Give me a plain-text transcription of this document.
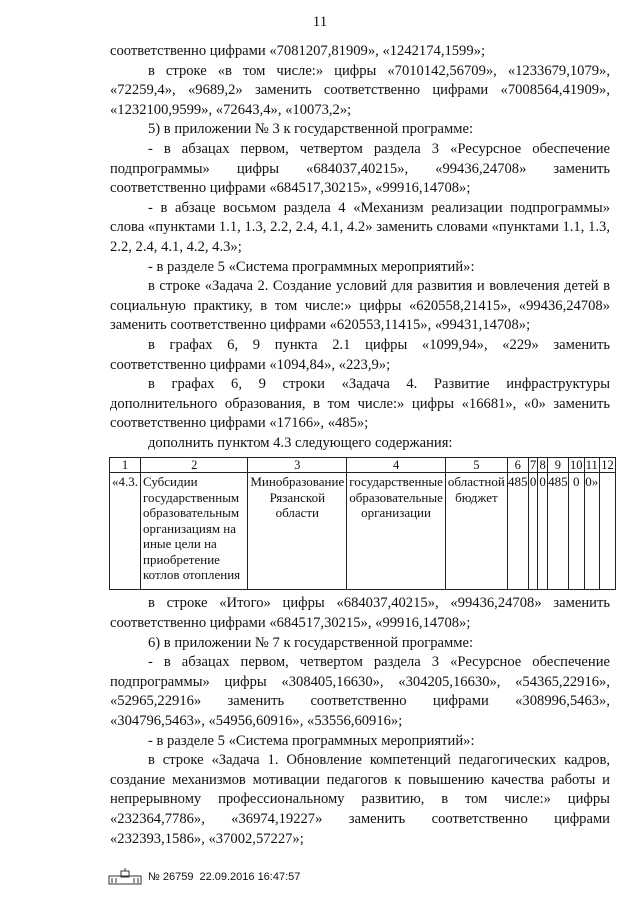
11

соответственно цифрами «7081207,81909», «1242174,1599»;

в строке «в том числе:» цифры «7010142,56709», «1233679,1079», «72259,4», «9689,2» заменить соответственно цифрами «7008564,41909», «1232100,9599», «72643,4», «10073,2»;

5) в приложении № 3 к государственной программе:

- в абзацах первом, четвертом раздела 3 «Ресурсное обеспечение подпрограммы» цифры «684037,40215», «99436,24708» заменить соответственно цифрами «684517,30215», «99916,14708»;

- в абзаце восьмом раздела 4 «Механизм реализации подпрограммы» слова «пунктами 1.1, 1.3, 2.2, 2.4, 4.1, 4.2» заменить словами «пунктами 1.1, 1.3, 2.2, 2.4, 4.1, 4.2, 4.3»;

- в разделе 5 «Система программных мероприятий»:

в строке «Задача 2. Создание условий для развития и вовлечения детей в социальную практику, в том числе:» цифры «620558,21415», «99436,24708» заменить соответственно цифрами «620553,11415», «99431,14708»;

в графах 6, 9 пункта 2.1 цифры «1099,94», «229» заменить соответственно цифрами «1094,84», «223,9»;

в графах 6, 9 строки «Задача 4. Развитие инфраструктуры дополнительного образования, в том числе:» цифры «16681», «0» заменить соответственно цифрами «17166», «485»;

дополнить пунктом 4.3 следующего содержания:

1	2	3	4	5	6	7	8	9	10	11	12
«4.3.	Субсидии государственным образовательным организациям на иные цели на приобретение котлов отопления	Минобразование Рязанской области	государственные образовательные организации	областной бюджет	485	0	0	485	0	0»	

в строке «Итого» цифры «684037,40215», «99436,24708» заменить соответственно цифрами «684517,30215», «99916,14708»;

6) в приложении № 7 к государственной программе:

- в абзацах первом, четвертом раздела 3 «Ресурсное обеспечение подпрограммы» цифры «308405,16630», «304205,16630», «54365,22916», «52965,22916» заменить соответственно цифрами «308996,5463», «304796,5463», «54956,60916», «53556,60916»;

- в разделе 5 «Система программных мероприятий»:

в строке «Задача 1. Обновление компетенций педагогических кадров, создание механизмов мотивации педагогов к повышению качества работы и непрерывному профессиональному развитию, в том числе:» цифры «232364,7786», «36974,19227» заменить соответственно цифрами «232393,1586», «37002,57227»;

№ 26759 22.09.2016 16:47:57
